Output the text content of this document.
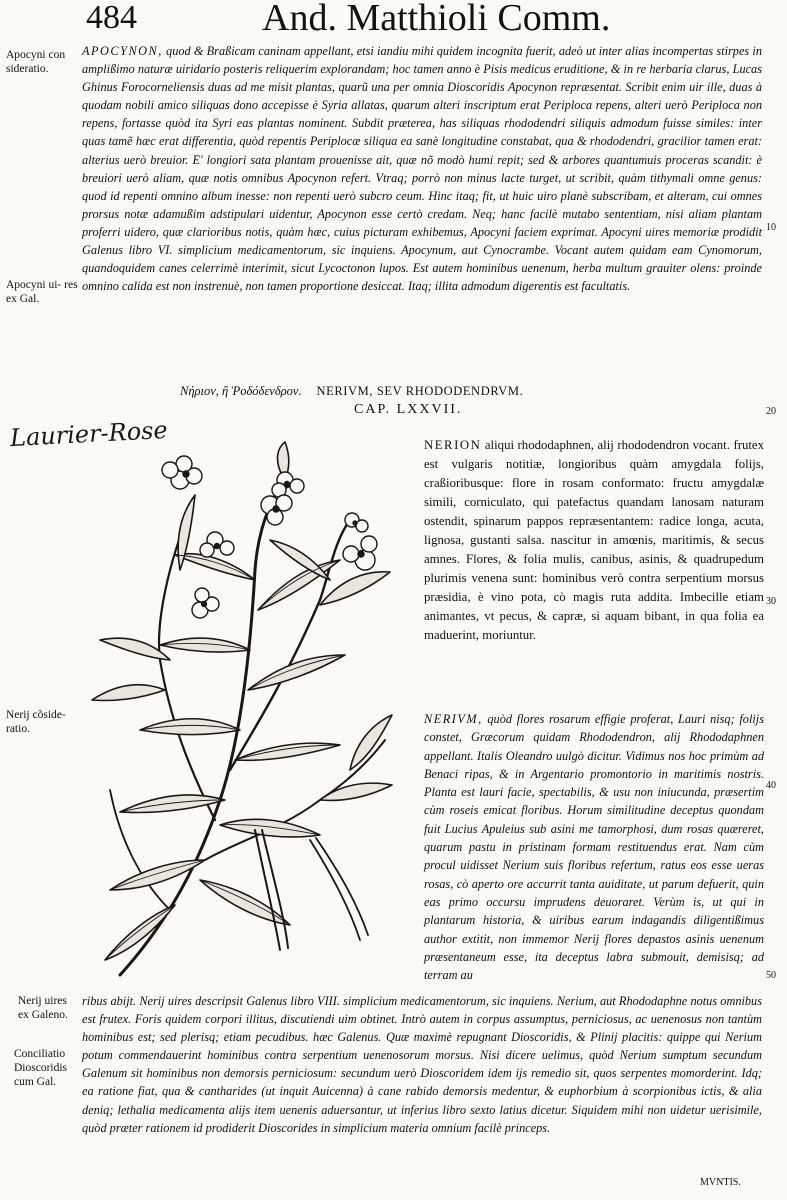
484	And. Matthioli Comm.
Apocyni con sideratio.
Apocyni ui- res ex Gal.
Nerij cõside- ratio.
Nerij uires ex Galeno.
Conciliatio Dioscoridis cum Gal.
10
20
30
40
50

APOCYNON, quod & Braßicam caninam appellant, etsi iandiu mihi quidem incognita fuerit, adeò ut inter alias incompertas stirpes in amplißimo naturæ uiridario posteris reliquerim explorandam; hoc tamen anno è Pisis medicus eruditione, & in re herbaria clarus, Lucas Ghinus Forocorneliensis duas ad me misit plantas, quarũ una per omnia Dioscoridis Apocynon repræsentat. Scribit enim uir ille, duas à quodam nobili amico siliquas dono accepisse è Syria allatas, quarum alteri inscriptum erat Periploca repens, alteri uerò Periploca non repens, fortasse quòd ita Syri eas plantas nominent. Subdit præterea, has siliquas rhododendri siliquis admodum fuisse similes: inter quas tamẽ hæc erat differentia, quòd repentis Periplocæ siliqua ea sanè longitudine constabat, qua & rhododendri, gracilior tamen erat: alterius uerò breuior. E' longiori sata plantam prouenisse ait, quæ nõ modò humi repit; sed & arbores quantumuis proceras scandit: è breuiori uerò aliam, quæ notis omnibus Apocynon refert. Vtraq; porrò non minus lacte turget, ut scribit, quàm tithymali omne genus: quod id repenti omnino album inesse: non repenti uerò subcro ceum. Hinc itaq; fit, ut huic uiro planè subscribam, et alteram, cui omnes prorsus notæ adamußim adstipulari uidentur, Apocynon esse certò credam. Neq; hanc facilè mutabo sententiam, nisi aliam plantam proferri uidero, quæ clarioribus notis, quàm hæc, cuius picturam exhibemus, Apocyni faciem exprimat. Apocyni uires memoriæ prodidit Galenus libro VI. simplicium medicamentorum, sic inquiens. Apocynum, aut Cynocrambe. Vocant autem quidam eam Cynomorum, quandoquidem canes celerrimè interimit, sicut Lycoctonon lupos. Est autem hominibus uenenum, herba multum grauiter olens: proinde omnino calida est non instrenuè, non tamen proportione desiccat. Itaq; illita admodum digerentis est facultatis.

Νήριον, ἢ Ῥοδόδενδρον. NERIVM, SEV RHODODENDRVM.
CAP. LXXVII.
Laurier-Rose	NERION aliqui rhododaphnen, alij rhododendron vocant. frutex est vulgaris notitiæ, longioribus quàm amygdala folijs, craßioribusque: flore in rosam conformato: fructu amygdalæ simili, corniculato, qui patefactus quandam lanosam naturam ostendit, spinarum pappos repræsentantem: radice longa, acuta, lignosa, gustanti salsa. nascitur in amœnis, maritimis, & secus amnes. Flores, & folia mulis, canibus, asinis, & quadrupedum plurimis venena sunt: hominibus verò contra serpentium morsus præsidia, è vino pota, cò magis ruta addita. Imbecille etiam animantes, vt pecus, & capræ, si aquam bibant, in qua folia ea maduerint, moriuntur.

NERIVM, quòd flores rosarum effigie proferat, Lauri nisq; folijs constet, Græcorum quidam Rhododendron, alij Rhododaphnen appellant. Italis Oleandro uulgò dicitur. Vidimus nos hoc primùm ad Benaci ripas, & in Argentario promontorio in maritimis nostris. Planta est lauri facie, spectabilis, & usu non iniucunda, præsertim cùm roseis emicat floribus. Horum similitudine deceptus quondam fuit Lucius Apuleius sub asini me tamorphosi, dum rosas quæreret, quarum pastu in pristinam formam restituendus erat. Nam cùm procul uidisset Nerium suis floribus refertum, ratus eos esse ueras rosas, cò aperto ore accurrit tanta auiditate, ut parum defuerit, quin eas primo occursu imprudens deuoraret. Verùm is, ut qui in plantarum historia, & uiribus earum indagandis diligentißimus author extitit, non immemor Nerij flores depastos asinis uenenum præsentaneum esse, ita deceptus labra submouit, demisisq; ad terram au

ribus abijt. Nerij uires descripsit Galenus libro VIII. simplicium medicamentorum, sic inquiens. Nerium, aut Rhododaphne notus omnibus est frutex. Foris quidem corpori illitus, discutiendi uim obtinet. Intrò autem in corpus assumptus, perniciosus, ac uenenosus non tantùm hominibus est; sed plerisq; etiam pecudibus. hæc Galenus. Quæ maximè repugnant Dioscoridis, & Plinij placitis: quippe qui Nerium potum commendauerint hominibus contra serpentium uenenosorum morsus. Nisi dicere uelimus, quòd Nerium sumptum secundum Galenum sit hominibus non demorsis perniciosum: secundum uerò Dioscoridem idem ijs remedio sit, quos serpentes momorderint. Idq; ea ratione fiat, qua & cantharides (ut inquit Auicenna) à cane rabido demorsis medentur, & euphorbium à scorpionibus ictis, & alia deniq; lethalia medicamenta alijs item uenenis aduersantur, ut inferius libro sexto latius dicetur. Siquidem mihi non uidetur uerisimile, quòd præter rationem id prodiderit Dioscorides in simplicium materia omnium facilè princeps.

MVNTIS.
